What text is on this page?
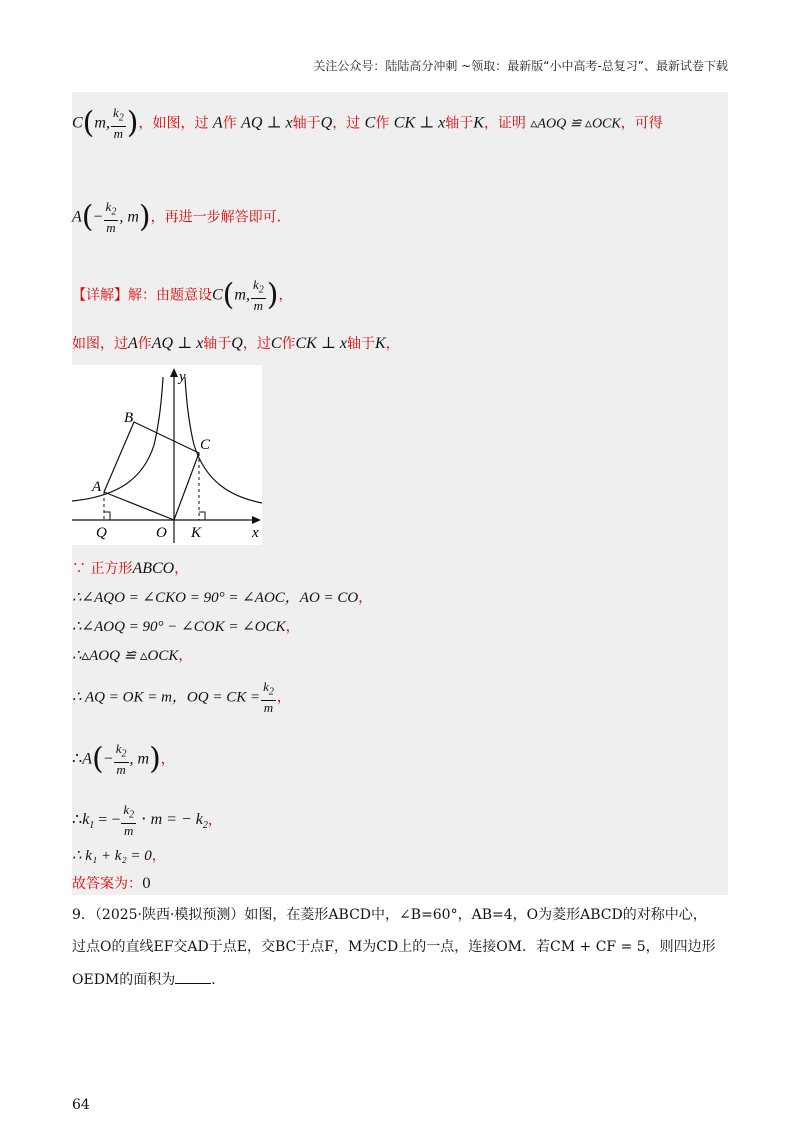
关注公众号：陆陆高分冲刺 ~领取：最新版“小中高考-总复习”、最新试卷下载
C(m, $\frac{k_2}{m}$ )，如图，过 A作 AQ ⊥ x轴于Q，过 C作 CK ⊥ x轴于K，证明 ▵AOQ ≌ ▵OCK，可得
$A(- \frac{k_2}{m}$ , m)，再进一步解答即可.
【详解】解：由题意设C(m, $\frac{k_2}{m}$ )，
如图，过A作AQ ⊥ x轴于Q，过C作CK ⊥ x轴于K，
y
x
B
C
A
Q	O K
∵ 正方形ABCO，
∴∠AQO = ∠CKO = 90° = ∠AOC，AO = CO，
∴∠AOQ = 90° − ∠COK = ∠OCK，
∴▵AOQ ≌ ▵OCK，
∴ AQ = OK = m，OQ = CK = $\frac{k_2}{m}$ ，
∴A(− $\frac{k_2}{m}$ , m)，
$\therefore k_1$ = − $\frac{k_2}{m} \cdot m$ = − $k_2$，
∴ k₁ + k₂ = 0，
故答案为：0
9．（2025·陕西·模拟预测）如图，在菱形ABCD中，∠B=60°，AB=4，O为菱形ABCD的对称中心，
过点O的直线EF交AD于点E，交BC于点F，M为CD上的一点，连接OM．若CM + CF = 5，则四边形
OEDM的面积为	.
64
